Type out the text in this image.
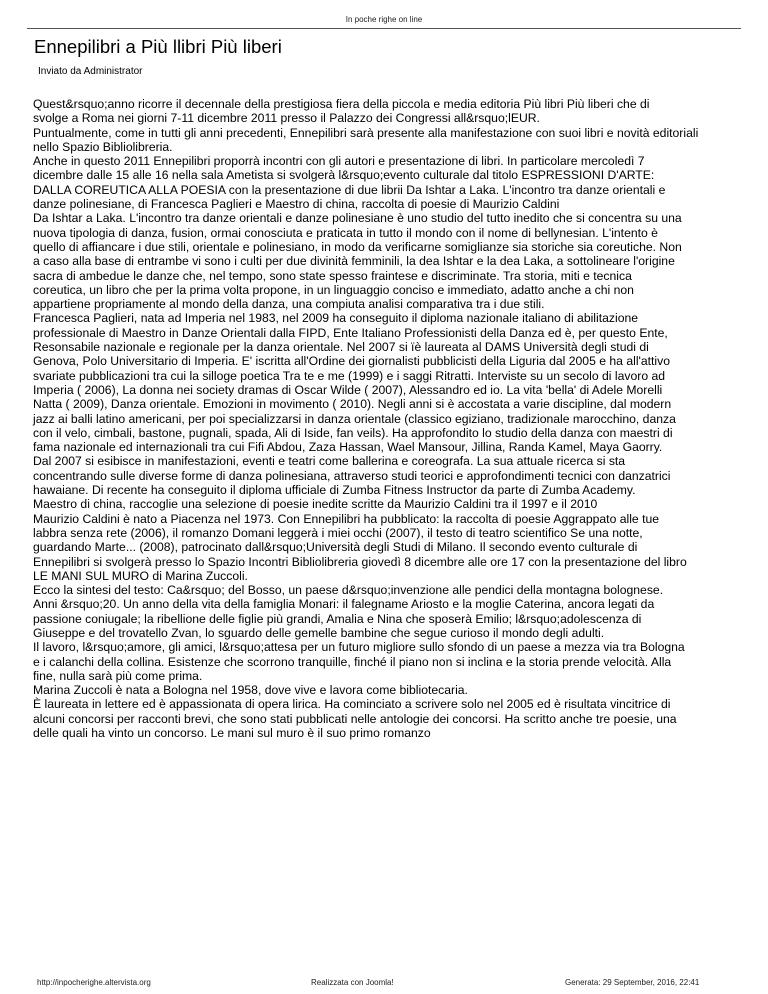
In poche righe on line
Ennepilibri a Più llibri Più liberi
Inviato da Administrator

Quest&rsquo;anno ricorre il decennale della prestigiosa fiera della piccola e media editoria Più libri Più liberi che di

svolge a Roma nei giorni 7-11 dicembre 2011 presso il Palazzo dei Congressi all&rsquo;lEUR.

Puntualmente, come in tutti gli anni precedenti, Ennepilibri sarà presente alla manifestazione con suoi libri e novità editoriali

nello Spazio Bibliolibreria.

Anche in questo 2011 Ennepilibri proporrà incontri con gli autori e presentazione di libri. In particolare mercoledì 7

dicembre dalle 15 alle 16 nella sala Ametista si svolgerà l&rsquo;evento culturale dal titolo ESPRESSIONI D'ARTE:

DALLA COREUTICA ALLA POESIA con la presentazione di due librii Da Ishtar a Laka. L'incontro tra danze orientali e

danze polinesiane, di Francesca Paglieri e Maestro di china, raccolta di poesie di Maurizio Caldini

Da Ishtar a Laka. L'incontro tra danze orientali e danze polinesiane è uno studio del tutto inedito che si concentra su una

nuova tipologia di danza, fusion, ormai conosciuta e praticata in tutto il mondo con il nome di bellynesian. L'intento è

quello di affiancare i due stili, orientale e polinesiano, in modo da verificarne somiglianze sia storiche sia coreutiche. Non

a caso alla base di entrambe vi sono i culti per due divinità femminili, la dea Ishtar e la dea Laka, a sottolineare l'origine

sacra di ambedue le danze che, nel tempo, sono state spesso fraintese e discriminate. Tra storia, miti e tecnica

coreutica, un libro che per la prima volta propone, in un linguaggio conciso e immediato, adatto anche a chi non

appartiene propriamente al mondo della danza, una compiuta analisi comparativa tra i due stili.

Francesca Paglieri, nata ad Imperia nel 1983, nel 2009 ha conseguito il diploma nazionale italiano di abilitazione

professionale di Maestro in Danze Orientali dalla FIPD, Ente Italiano Professionisti della Danza ed è, per questo Ente,

Resonsabile nazionale e regionale per la danza orientale. Nel 2007 si ïè laureata al DAMS Università degli studi di

Genova, Polo Universitario di Imperia. E' iscritta all'Ordine dei giornalisti pubblicisti della Liguria dal 2005 e ha all'attivo

svariate pubblicazioni tra cui la silloge poetica Tra te e me (1999) e i saggi Ritratti. Interviste su un secolo di lavoro ad

Imperia ( 2006), La donna nei society dramas di Oscar Wilde ( 2007), Alessandro ed io. La vita 'bella' di Adele Morelli

Natta ( 2009), Danza orientale. Emozioni in movimento ( 2010). Negli anni si è accostata a varie discipline, dal modern

jazz ai balli latino americani, per poi specializzarsi in danza orientale (classico egiziano, tradizionale marocchino, danza

con il velo, cimbali, bastone, pugnali, spada, Ali di Iside, fan veils). Ha approfondito lo studio della danza con maestri di

fama nazionale ed internazionali tra cui Fifi Abdou, Zaza Hassan, Wael Mansour, Jillina, Randa Kamel, Maya Gaorry.

Dal 2007 si esibisce in manifestazioni, eventi e teatri come ballerina e coreografa. La sua attuale ricerca si sta

concentrando sulle diverse forme di danza polinesiana, attraverso studi teorici e approfondimenti tecnici con danzatrici

hawaiane. Di recente ha conseguito il diploma ufficiale di Zumba Fitness Instructor da parte di Zumba Academy.

Maestro di china, raccoglie una selezione di poesie inedite scritte da Maurizio Caldini tra il 1997 e il 2010

Maurizio Caldini è nato a Piacenza nel 1973. Con Ennepilibri ha pubblicato: la raccolta di poesie Aggrappato alle tue

labbra senza rete (2006), il romanzo Domani leggerà i miei occhi (2007), il testo di teatro scientifico Se una notte,

guardando Marte... (2008), patrocinato dall&rsquo;Università degli Studi di Milano. Il secondo evento culturale di

Ennepilibri si svolgerà presso lo Spazio Incontri Bibliolibreria giovedì 8 dicembre alle ore 17 con la presentazione del libro

LE MANI SUL MURO di Marina Zuccoli.

Ecco la sintesi del testo: Ca&rsquo; del Bosso, un paese d&rsquo;invenzione alle pendici della montagna bolognese.

Anni &rsquo;20. Un anno della vita della famiglia Monari: il falegname Ariosto e la moglie Caterina, ancora legati da

passione coniugale; la ribellione delle figlie più grandi, Amalia e Nina che sposerà Emilio; l&rsquo;adolescenza di

Giuseppe e del trovatello Zvan, lo sguardo delle gemelle bambine che segue curioso il mondo degli adulti.

Il lavoro, l&rsquo;amore, gli amici, l&rsquo;attesa per un futuro migliore sullo sfondo di un paese a mezza via tra Bologna

e i calanchi della collina. Esistenze che scorrono tranquille, finché il piano non si inclina e la storia prende velocità. Alla

fine, nulla sarà più come prima.

Marina Zuccoli è nata a Bologna nel 1958, dove vive e lavora come bibliotecaria.

È laureata in lettere ed è appassionata di opera lirica. Ha cominciato a scrivere solo nel 2005 ed è risultata vincitrice di

alcuni concorsi per racconti brevi, che sono stati pubblicati nelle antologie dei concorsi. Ha scritto anche tre poesie, una

delle quali ha vinto un concorso. Le mani sul muro è il suo primo romanzo

http://inpocherighe.altervista.org	Realizzata con Joomla!	Generata: 29 September, 2016, 22:41
